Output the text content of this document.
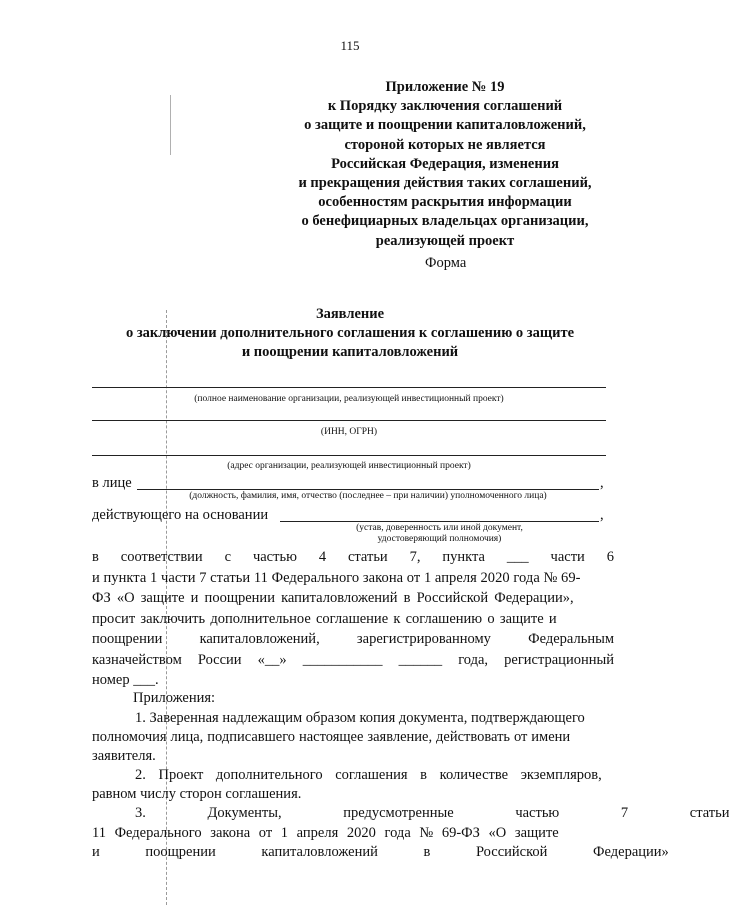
115
Приложение № 19
к Порядку заключения соглашений
о защите и поощрении капиталовложений,
стороной которых не является
Российская Федерация, изменения
и прекращения действия таких соглашений,
особенностям раскрытия информации
о бенефициарных владельцах организации,
реализующей проект
Форма
Заявление
о заключении дополнительного соглашения к соглашению о защите
и поощрении капиталовложений
(полное наименование организации, реализующей инвестиционный проект)
(ИНН, ОГРН)
(адрес организации, реализующей инвестиционный проект)
в лице	,
(должность, фамилия, имя, отчество (последнее – при наличии) уполномоченного лица)
действующего на основании	,
(устав, доверенность или иной документ,
удостоверяющий полномочия)
в соответствии с частью 4 статьи 7, пункта ___ части 6
и пункта 1 части 7 статьи 11 Федерального закона от 1 апреля 2020 года № 69-
ФЗ «О защите и поощрении капиталовложений в Российской Федерации»,
просит заключить дополнительное соглашение к соглашению о защите и
поощрении	капиталовложений,	зарегистрированному	Федеральным
казначейством России «__» ___________ ______ года, регистрационный
номер ___.
Приложения:
1. Заверенная надлежащим образом копия документа, подтверждающего
полномочия лица, подписавшего настоящее заявление, действовать от имени
заявителя.
2. Проект дополнительного соглашения в количестве экземпляров,
равном числу сторон соглашения.
3. Документы, предусмотренные частью 7 статьи
11 Федерального закона от 1 апреля 2020 года № 69-ФЗ «О защите
и поощрении капиталовложений в Российской Федерации»
